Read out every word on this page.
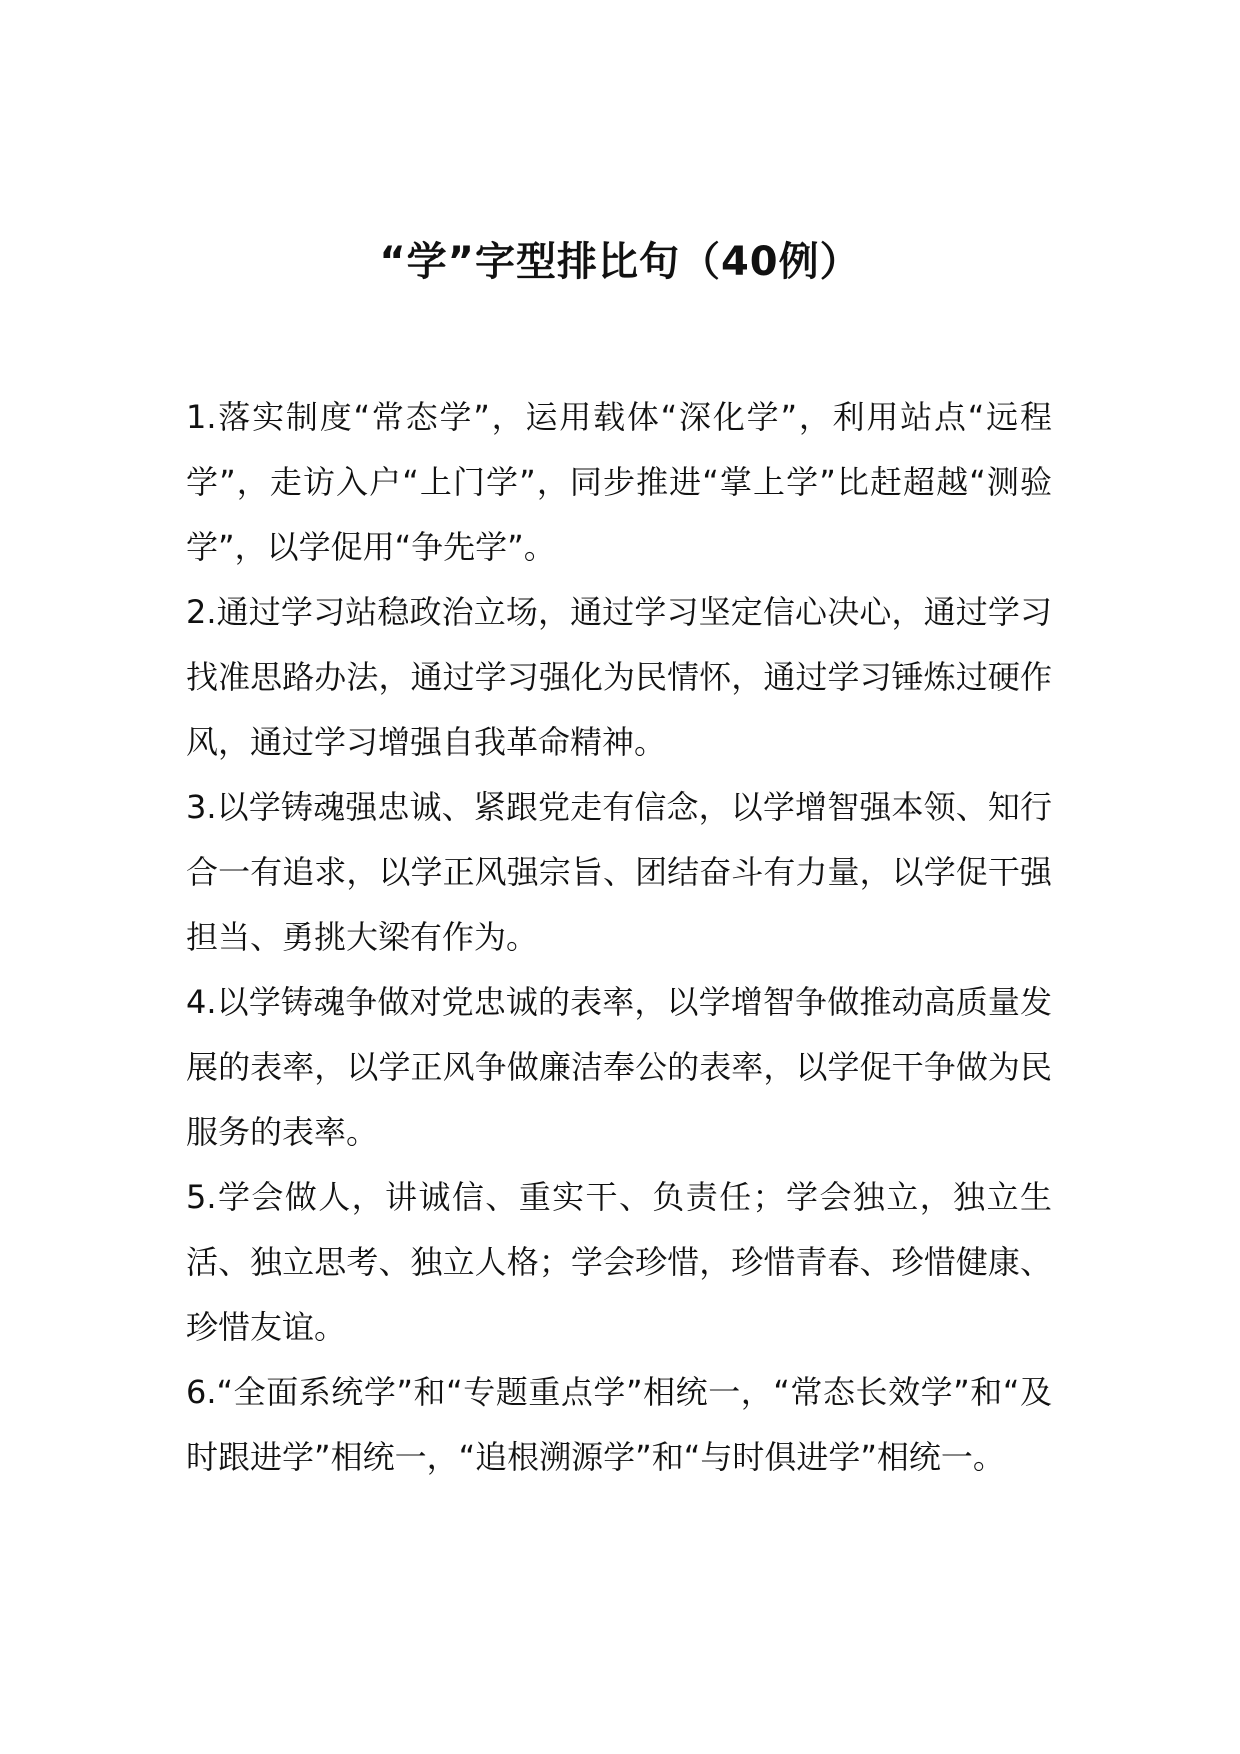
“学”字型排比句（40例）

1.落实制度“常态学”，运用载体“深化学”，利用站点“远程学”，走访入户“上门学”，同步推进“掌上学”比赶超越“测验学”，以学促用“争先学”。

2.通过学习站稳政治立场，通过学习坚定信心决心，通过学习找准思路办法，通过学习强化为民情怀，通过学习锤炼过硬作风，通过学习增强自我革命精神。

3.以学铸魂强忠诚、紧跟党走有信念，以学增智强本领、知行合一有追求，以学正风强宗旨、团结奋斗有力量，以学促干强担当、勇挑大梁有作为。

4.以学铸魂争做对党忠诚的表率，以学增智争做推动高质量发展的表率，以学正风争做廉洁奉公的表率，以学促干争做为民服务的表率。

5.学会做人，讲诚信、重实干、负责任；学会独立，独立生活、独立思考、独立人格；学会珍惜，珍惜青春、珍惜健康、珍惜友谊。

6.“全面系统学”和“专题重点学”相统一，“常态长效学”和“及时跟进学”相统一，“追根溯源学”和“与时俱进学”相统一。
